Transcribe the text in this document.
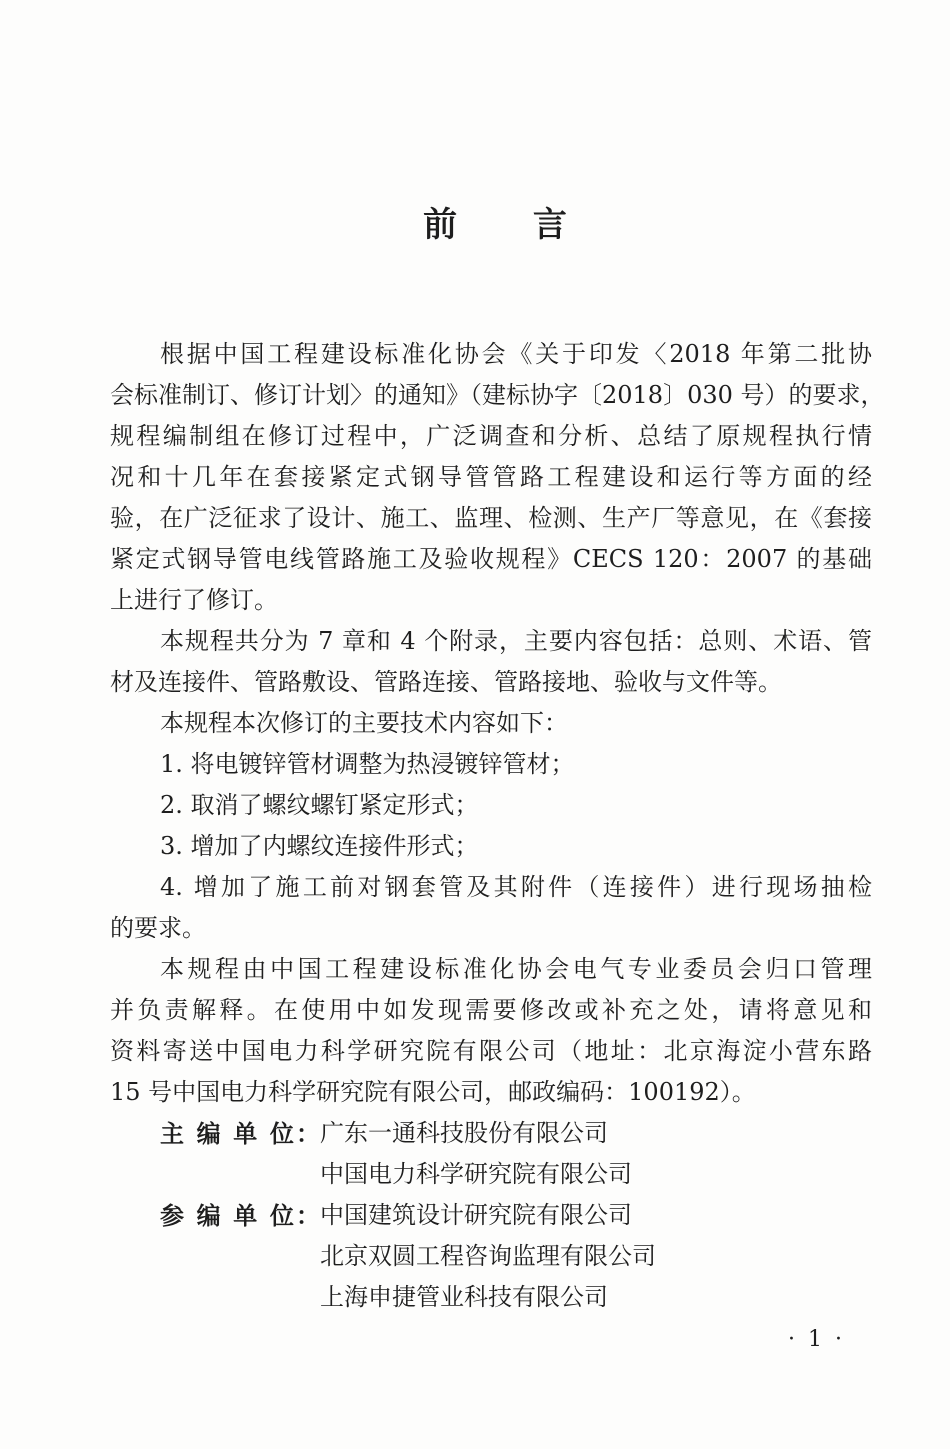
前 言
根据中国工程建设标准化协会《关于印发〈2018 年第二批协
会标准制订、修订计划〉的通知》（建标协字〔2018〕030 号）的要求，
规程编制组在修订过程中，广泛调查和分析、总结了原规程执行情
况和十几年在套接紧定式钢导管管路工程建设和运行等方面的经
验，在广泛征求了设计、施工、监理、检测、生产厂等意见，在《套接
紧定式钢导管电线管路施工及验收规程》CECS 120：2007 的基础
上进行了修订。
本规程共分为 7 章和 4 个附录，主要内容包括：总则、术语、管
材及连接件、管路敷设、管路连接、管路接地、验收与文件等。
本规程本次修订的主要技术内容如下：
1. 将电镀锌管材调整为热浸镀锌管材；
2. 取消了螺纹螺钉紧定形式；
3. 增加了内螺纹连接件形式；
4. 增加了施工前对钢套管及其附件（连接件）进行现场抽检
的要求。
本规程由中国工程建设标准化协会电气专业委员会归口管理
并负责解释。在使用中如发现需要修改或补充之处，请将意见和
资料寄送中国电力科学研究院有限公司（地址：北京海淀小营东路
15 号中国电力科学研究院有限公司，邮政编码：100192）。
主 编 单 位：广东一通科技股份有限公司
中国电力科学研究院有限公司
参 编 单 位：中国建筑设计研究院有限公司
北京双圆工程咨询监理有限公司
上海申捷管业科技有限公司
· 1 ·
